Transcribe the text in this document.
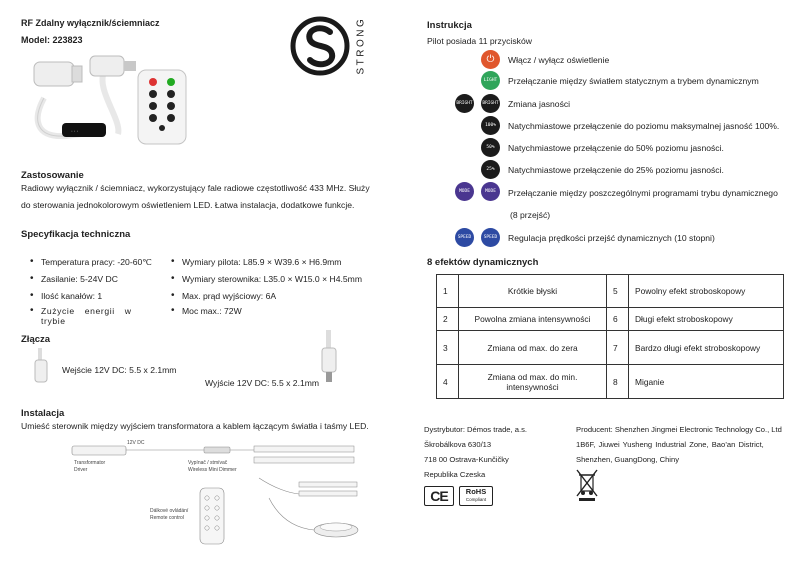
RF Zdalny wyłącznik/ściemniacz
Model: 223823
• • •
Zastosowanie
Radiowy wyłącznik / ściemniacz, wykorzystujący fale radiowe częstotliwość 433 MHz. Służy
do sterowania jednokolorowym oświetleniem LED. Łatwa instalacja, dodatkowe funkcje.
Specyfikacja techniczna
• Temperatura pracy: -20-60℃
• Zasilanie: 5-24V DC
• Ilość kanałów: 1
• Zużycie energii w trybie
• Wymiary pilota: L85.9 × W39.6 × H6.9mm
• Wymiary sterownika: L35.0 × W15.0 × H4.5mm
• Max. prąd wyjściowy: 6A
• Moc max.: 72W
Złącza
Wejście 12V DC: 5.5 x 2.1mm
Wyjście 12V DC: 5.5 x 2.1mm
Instalacja
Umieść sterownik między wyjściem transformatora a kablem łączącym światła i taśmy LED.
12V DC
Transformator
Driver
Vypínač / stmívač
Wireless Mini Dimmer
Dálkové ovládání
Remote control
STRONG	Instrukcja
Pilot posiada 11 przycisków
⏻	Włącz / wyłącz oświetlenie
LIGHT	Przełączanie między światłem statycznym a trybem dynamicznym
BRIGHT	BRIGHT Zmiana jasności
100%	Natychmiastowe przełączenie do poziomu maksymalnej jasność 100%.
50%	Natychmiastowe przełączenie do 50% poziomu jasności.
25%	Natychmiastowe przełączenie do 25% poziomu jasności.
MODE	MODE	Przełączanie między poszczególnymi programami trybu dynamicznego
(8 przejść)
SPEED	SPEED	Regulacja prędkości przejść dynamicznych (10 stopni)
8 efektów dynamicznych
1	Krótkie błyski	5	Powolny efekt stroboskopowy
2	Powolna zmiana intensywności	6	Długi efekt stroboskopowy
3	Zmiana od max. do zera	7	Bardzo długi efekt stroboskopowy
4	Zmiana od max. do min. intensywności	8	Miganie
Dystrybutor: Démos trade, a.s.
Škrobálkova 630/13
718 00 Ostrava-Kunčičky
Republika Czeska
Producent: Shenzhen Jingmei Electronic Technology Co., Ltd
1B6F, Jiuwei Yusheng Industrial Zone, Bao’an District,
Shenzhen, GuangDong, Chiny
CE	RoHS
Compliant
